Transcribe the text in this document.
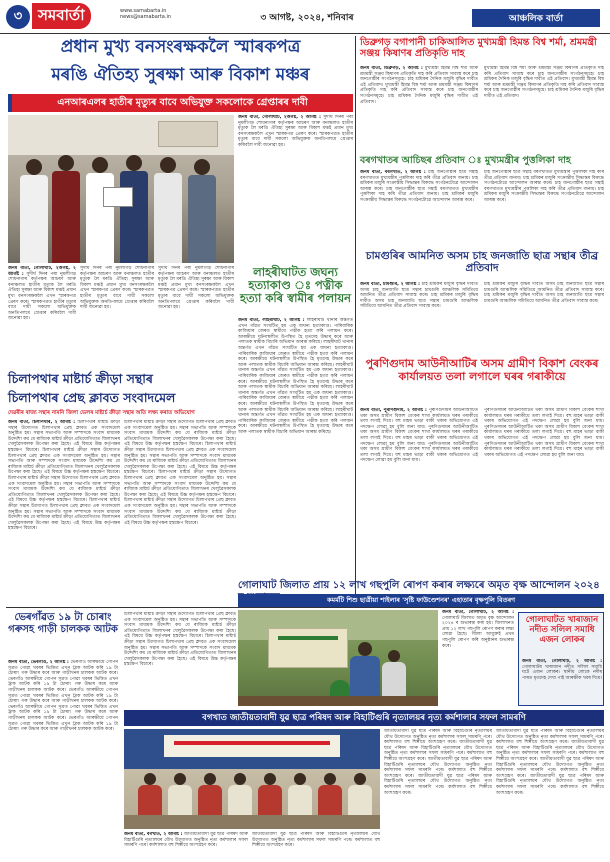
৩	সমবাৰ্তা	www.samabarta.in
news@samabarta.in	৩ আগষ্ট, ২০২৪, শনিবাৰ	আঞ্চলিক বাৰ্তা
প্ৰধান মুখ্য বনসংৰক্ষকলৈ স্মাৰকপত্ৰ
মৰঙি ঐতিহ্য সুৰক্ষা আৰু বিকাশ মঞ্চৰ
এনআৰএলৰ হাতীৰ মৃত্যুৰ বাবে অভিযুক্ত সকলোকে গ্ৰেপ্তাৰৰ দাবী
জনম বাৰ্তা, গোলাঘাট, ২অগষ্ট, ২ আগষ্ট : সুদীৰ্ঘ দিনৰ পৰা নুমলীগড় শোধনাগাৰ কৰ্তৃপক্ষৰ আচৰণ আৰু বনাঞ্চলত হাতীৰ মৃত্যুক লৈ মৰঙি ঐতিহ্য সুৰক্ষা আৰু বিকাশ মঞ্চই প্ৰধান মুখ্য বনসংৰক্ষকলৈ এখন স্মাৰকপত্ৰ প্ৰেৰণ কৰে। স্মাৰকপত্ৰত হাতীৰ মৃত্যুৰ বাবে দায়ী সকলো অভিযুক্তক অনতিপলমে গ্ৰেপ্তাৰ কৰিবলৈ দাবী জনোৱা হয়।
জনম বাৰ্তা, গোলাঘাট, ২অগষ্ট, ২ আগষ্ট : সুদীৰ্ঘ দিনৰ পৰা নুমলীগড় শোধনাগাৰ কৰ্তৃপক্ষৰ আচৰণ আৰু বনাঞ্চলত হাতীৰ মৃত্যুক লৈ মৰঙি ঐতিহ্য সুৰক্ষা আৰু বিকাশ মঞ্চই প্ৰধান মুখ্য বনসংৰক্ষকলৈ এখন স্মাৰকপত্ৰ প্ৰেৰণ কৰে। স্মাৰকপত্ৰত হাতীৰ মৃত্যুৰ বাবে দায়ী সকলো অভিযুক্তক অনতিপলমে গ্ৰেপ্তাৰ কৰিবলৈ দাবী জনোৱা হয়।
সুদীৰ্ঘ দিনৰ পৰা নুমলীগড় শোধনাগাৰ কৰ্তৃপক্ষৰ আচৰণ আৰু বনাঞ্চলত হাতীৰ মৃত্যুক লৈ মৰঙি ঐতিহ্য সুৰক্ষা আৰু বিকাশ মঞ্চই প্ৰধান মুখ্য বনসংৰক্ষকলৈ এখন স্মাৰকপত্ৰ প্ৰেৰণ কৰে। স্মাৰকপত্ৰত হাতীৰ মৃত্যুৰ বাবে দায়ী সকলো অভিযুক্তক অনতিপলমে গ্ৰেপ্তাৰ কৰিবলৈ দাবী জনোৱা হয়।
সুদীৰ্ঘ দিনৰ পৰা নুমলীগড় শোধনাগাৰ কৰ্তৃপক্ষৰ আচৰণ আৰু বনাঞ্চলত হাতীৰ মৃত্যুক লৈ মৰঙি ঐতিহ্য সুৰক্ষা আৰু বিকাশ মঞ্চই প্ৰধান মুখ্য বনসংৰক্ষকলৈ এখন স্মাৰকপত্ৰ প্ৰেৰণ কৰে। স্মাৰকপত্ৰত হাতীৰ মৃত্যুৰ বাবে দায়ী সকলো অভিযুক্তক অনতিপলমে গ্ৰেপ্তাৰ কৰিবলৈ দাবী জনোৱা হয়।
লাহৰীঘাটত জঘন্য হত্যাকাণ্ড ঃ পত্নীক হত্যা কৰি স্বামীৰ পলায়ন
জনম বাৰ্তা, লাহৰীঘাট, ২ আগষ্ট : লাহৰীঘাট থানাৰ অন্তৰ্গত এখন গাঁৱত সংঘটিত হয় এক জঘন্য হত্যাকাণ্ড। পাৰিবাৰিক কাজিয়াৰ জেৰত স্বামীয়ে পত্নীক হত্যা কৰি পলায়ন কৰে। আৰক্ষীয়ে ঘটনাস্থলীত উপস্থিত হৈ মৃতদেহ উদ্ধাৰ কৰে আৰু পলাতক স্বামীক বিচাৰি অভিযান আৰম্ভ কৰিছে। লাহৰীঘাট থানাৰ অন্তৰ্গত এখন গাঁৱত সংঘটিত হয় এক জঘন্য হত্যাকাণ্ড। পাৰিবাৰিক কাজিয়াৰ জেৰত স্বামীয়ে পত্নীক হত্যা কৰি পলায়ন কৰে। আৰক্ষীয়ে ঘটনাস্থলীত উপস্থিত হৈ মৃতদেহ উদ্ধাৰ কৰে আৰু পলাতক স্বামীক বিচাৰি অভিযান আৰম্ভ কৰিছে। লাহৰীঘাট থানাৰ অন্তৰ্গত এখন গাঁৱত সংঘটিত হয় এক জঘন্য হত্যাকাণ্ড। পাৰিবাৰিক কাজিয়াৰ জেৰত স্বামীয়ে পত্নীক হত্যা কৰি পলায়ন কৰে। আৰক্ষীয়ে ঘটনাস্থলীত উপস্থিত হৈ মৃতদেহ উদ্ধাৰ কৰে আৰু পলাতক স্বামীক বিচাৰি অভিযান আৰম্ভ কৰিছে। লাহৰীঘাট থানাৰ অন্তৰ্গত এখন গাঁৱত সংঘটিত হয় এক জঘন্য হত্যাকাণ্ড। পাৰিবাৰিক কাজিয়াৰ জেৰত স্বামীয়ে পত্নীক হত্যা কৰি পলায়ন কৰে। আৰক্ষীয়ে ঘটনাস্থলীত উপস্থিত হৈ মৃতদেহ উদ্ধাৰ কৰে আৰু পলাতক স্বামীক বিচাৰি অভিযান আৰম্ভ কৰিছে। লাহৰীঘাট থানাৰ অন্তৰ্গত এখন গাঁৱত সংঘটিত হয় এক জঘন্য হত্যাকাণ্ড। পাৰিবাৰিক কাজিয়াৰ জেৰত স্বামীয়ে পত্নীক হত্যা কৰি পলায়ন কৰে। আৰক্ষীয়ে ঘটনাস্থলীত উপস্থিত হৈ মৃতদেহ উদ্ধাৰ কৰে আৰু পলাতক স্বামীক বিচাৰি অভিযান আৰম্ভ কৰিছে।
চিলাপথাৰ মাষ্টাৰ্চ ক্ৰীড়া সন্থাৰ
চিলাপথাৰ প্ৰেছ ক্লাবত সংবাদমেল
দেৱৰীৰ ৰাজ্য সন্থাৰ নামনি জিলা ভেলৰ মাষ্টাৰ্চ ক্ৰীড়া সন্থাৰ অতি লক্ষ্য কৰাত অভিযোগ
জনম বাৰ্তা, চিলাপথাৰ, ২ আগষ্ট : চিলাপথাৰ মাষ্টাৰ্চ ক্ৰীড়া সন্থাৰ উদ্যোগত চিলাপথাৰ প্ৰেছ ক্লাবত এক সংবাদমেল অনুষ্ঠিত হয়। সন্থাৰ সভাপতি আৰু সম্পাদকে সংবাদ মাধ্যমক উদ্দেশ্যি কয় যে ৰাজ্যিক মাষ্টাৰ্চ ক্ৰীড়া প্ৰতিযোগিতাত জিলাখনৰ খেলুৱৈসকলক উপেক্ষা কৰা হৈছে। এই বিষয়ে উচ্চ কৰ্তৃপক্ষৰ হস্তক্ষেপ বিচাৰে। চিলাপথাৰ মাষ্টাৰ্চ ক্ৰীড়া সন্থাৰ উদ্যোগত চিলাপথাৰ প্ৰেছ ক্লাবত এক সংবাদমেল অনুষ্ঠিত হয়। সন্থাৰ সভাপতি আৰু সম্পাদকে সংবাদ মাধ্যমক উদ্দেশ্যি কয় যে ৰাজ্যিক মাষ্টাৰ্চ ক্ৰীড়া প্ৰতিযোগিতাত জিলাখনৰ খেলুৱৈসকলক উপেক্ষা কৰা হৈছে। এই বিষয়ে উচ্চ কৰ্তৃপক্ষৰ হস্তক্ষেপ বিচাৰে। চিলাপথাৰ মাষ্টাৰ্চ ক্ৰীড়া সন্থাৰ উদ্যোগত চিলাপথাৰ প্ৰেছ ক্লাবত এক সংবাদমেল অনুষ্ঠিত হয়। সন্থাৰ সভাপতি আৰু সম্পাদকে সংবাদ মাধ্যমক উদ্দেশ্যি কয় যে ৰাজ্যিক মাষ্টাৰ্চ ক্ৰীড়া প্ৰতিযোগিতাত জিলাখনৰ খেলুৱৈসকলক উপেক্ষা কৰা হৈছে। এই বিষয়ে উচ্চ কৰ্তৃপক্ষৰ হস্তক্ষেপ বিচাৰে। চিলাপথাৰ মাষ্টাৰ্চ ক্ৰীড়া সন্থাৰ উদ্যোগত চিলাপথাৰ প্ৰেছ ক্লাবত এক সংবাদমেল অনুষ্ঠিত হয়। সন্থাৰ সভাপতি আৰু সম্পাদকে সংবাদ মাধ্যমক উদ্দেশ্যি কয় যে ৰাজ্যিক মাষ্টাৰ্চ ক্ৰীড়া প্ৰতিযোগিতাত জিলাখনৰ খেলুৱৈসকলক উপেক্ষা কৰা হৈছে। এই বিষয়ে উচ্চ কৰ্তৃপক্ষৰ হস্তক্ষেপ বিচাৰে।
চিলাপথাৰ মাষ্টাৰ্চ ক্ৰীড়া সন্থাৰ উদ্যোগত চিলাপথাৰ প্ৰেছ ক্লাবত এক সংবাদমেল অনুষ্ঠিত হয়। সন্থাৰ সভাপতি আৰু সম্পাদকে সংবাদ মাধ্যমক উদ্দেশ্যি কয় যে ৰাজ্যিক মাষ্টাৰ্চ ক্ৰীড়া প্ৰতিযোগিতাত জিলাখনৰ খেলুৱৈসকলক উপেক্ষা কৰা হৈছে। এই বিষয়ে উচ্চ কৰ্তৃপক্ষৰ হস্তক্ষেপ বিচাৰে। চিলাপথাৰ মাষ্টাৰ্চ ক্ৰীড়া সন্থাৰ উদ্যোগত চিলাপথাৰ প্ৰেছ ক্লাবত এক সংবাদমেল অনুষ্ঠিত হয়। সন্থাৰ সভাপতি আৰু সম্পাদকে সংবাদ মাধ্যমক উদ্দেশ্যি কয় যে ৰাজ্যিক মাষ্টাৰ্চ ক্ৰীড়া প্ৰতিযোগিতাত জিলাখনৰ খেলুৱৈসকলক উপেক্ষা কৰা হৈছে। এই বিষয়ে উচ্চ কৰ্তৃপক্ষৰ হস্তক্ষেপ বিচাৰে। চিলাপথাৰ মাষ্টাৰ্চ ক্ৰীড়া সন্থাৰ উদ্যোগত চিলাপথাৰ প্ৰেছ ক্লাবত এক সংবাদমেল অনুষ্ঠিত হয়। সন্থাৰ সভাপতি আৰু সম্পাদকে সংবাদ মাধ্যমক উদ্দেশ্যি কয় যে ৰাজ্যিক মাষ্টাৰ্চ ক্ৰীড়া প্ৰতিযোগিতাত জিলাখনৰ খেলুৱৈসকলক উপেক্ষা কৰা হৈছে। এই বিষয়ে উচ্চ কৰ্তৃপক্ষৰ হস্তক্ষেপ বিচাৰে। চিলাপথাৰ মাষ্টাৰ্চ ক্ৰীড়া সন্থাৰ উদ্যোগত চিলাপথাৰ প্ৰেছ ক্লাবত এক সংবাদমেল অনুষ্ঠিত হয়। সন্থাৰ সভাপতি আৰু সম্পাদকে সংবাদ মাধ্যমক উদ্দেশ্যি কয় যে ৰাজ্যিক মাষ্টাৰ্চ ক্ৰীড়া প্ৰতিযোগিতাত জিলাখনৰ খেলুৱৈসকলক উপেক্ষা কৰা হৈছে। এই বিষয়ে উচ্চ কৰ্তৃপক্ষৰ হস্তক্ষেপ বিচাৰে।
গোলাঘাট জিলাত প্ৰায় ১২ লাখ গছপুলি ৰোপণ কৰাৰ লক্ষ্যৰে অমৃত বৃক্ষ আন্দোলন ২০২৪
ডিব্ৰুগড় বগাপানী চাকিআলিত মুখ্যমন্ত্ৰী হিমন্ত বিশ্ব শৰ্মা, শ্ৰমমন্ত্ৰী সঞ্জয় কিষাণৰ প্ৰতিকৃতি দাহ
জনম বাৰ্তা, ডিব্ৰুগড়, ২ আগষ্ট : মুখ্যমন্ত্ৰী হিমন্ত বিশ্ব শৰ্মা আৰু শ্ৰমমন্ত্ৰী সঞ্জয় কিষাণৰ প্ৰতিকৃতি দাহ কৰি প্ৰতিবাদ সাব্যস্ত কৰে চাহ জনগোষ্ঠীৰ সংগঠনসমূহে। চাহ শ্ৰমিকৰ দৈনিক মজুৰি বৃদ্ধিৰ দাবীত এই প্ৰতিবাদ। মুখ্যমন্ত্ৰী হিমন্ত বিশ্ব শৰ্মা আৰু শ্ৰমমন্ত্ৰী সঞ্জয় কিষাণৰ প্ৰতিকৃতি দাহ কৰি প্ৰতিবাদ সাব্যস্ত কৰে চাহ জনগোষ্ঠীৰ সংগঠনসমূহে। চাহ শ্ৰমিকৰ দৈনিক মজুৰি বৃদ্ধিৰ দাবীত এই প্ৰতিবাদ।
মুখ্যমন্ত্ৰী হিমন্ত বিশ্ব শৰ্মা আৰু শ্ৰমমন্ত্ৰী সঞ্জয় কিষাণৰ প্ৰতিকৃতি দাহ কৰি প্ৰতিবাদ সাব্যস্ত কৰে চাহ জনগোষ্ঠীৰ সংগঠনসমূহে। চাহ শ্ৰমিকৰ দৈনিক মজুৰি বৃদ্ধিৰ দাবীত এই প্ৰতিবাদ। মুখ্যমন্ত্ৰী হিমন্ত বিশ্ব শৰ্মা আৰু শ্ৰমমন্ত্ৰী সঞ্জয় কিষাণৰ প্ৰতিকৃতি দাহ কৰি প্ৰতিবাদ সাব্যস্ত কৰে চাহ জনগোষ্ঠীৰ সংগঠনসমূহে। চাহ শ্ৰমিকৰ দৈনিক মজুৰি বৃদ্ধিৰ দাবীত এই প্ৰতিবাদ।
বৰগখাতৰ আচিছৰ প্ৰতিবাদ ঃ মুখ্যমন্ত্ৰীৰ পুত্তলিকা দাহ
জনম বাৰ্তা, বৰগখাত, ২ আগষ্ট : চাহ জনগোষ্ঠীৰ ছাত্ৰ সন্থাই বৰগখাতত মুখ্যমন্ত্ৰীৰ পুত্তলিকা দাহ কৰি তীব্ৰ প্ৰতিবাদ জনায়। চাহ শ্ৰমিকৰ মজুৰি সংক্ৰান্তীয় সিদ্ধান্তৰ বিৰুদ্ধে সংগঠনটোৱে আন্দোলন আৰম্ভ কৰে। চাহ জনগোষ্ঠীৰ ছাত্ৰ সন্থাই বৰগখাতত মুখ্যমন্ত্ৰীৰ পুত্তলিকা দাহ কৰি তীব্ৰ প্ৰতিবাদ জনায়। চাহ শ্ৰমিকৰ মজুৰি সংক্ৰান্তীয় সিদ্ধান্তৰ বিৰুদ্ধে সংগঠনটোৱে আন্দোলন আৰম্ভ কৰে।
চাহ জনগোষ্ঠীৰ ছাত্ৰ সন্থাই বৰগখাতত মুখ্যমন্ত্ৰীৰ পুত্তলিকা দাহ কৰি তীব্ৰ প্ৰতিবাদ জনায়। চাহ শ্ৰমিকৰ মজুৰি সংক্ৰান্তীয় সিদ্ধান্তৰ বিৰুদ্ধে সংগঠনটোৱে আন্দোলন আৰম্ভ কৰে। চাহ জনগোষ্ঠীৰ ছাত্ৰ সন্থাই বৰগখাতত মুখ্যমন্ত্ৰীৰ পুত্তলিকা দাহ কৰি তীব্ৰ প্ৰতিবাদ জনায়। চাহ শ্ৰমিকৰ মজুৰি সংক্ৰান্তীয় সিদ্ধান্তৰ বিৰুদ্ধে সংগঠনটোৱে আন্দোলন আৰম্ভ কৰে।
চামগুৰিৰ আমনিত অসম চাহ জনজাতি ছাত্ৰ সন্থাৰ তীব্ৰ প্ৰতিবাদ
জনম বাৰ্তা, চামগুৰি, ২ আগষ্ট : চাহ শ্ৰমিকৰ মজুৰি বৃদ্ধিৰ দাবীত অসম চাহ জনজাতি ছাত্ৰ সন্থাৰ চামগুৰি আঞ্চলিক সমিতিয়ে আমনিত তীব্ৰ প্ৰতিবাদ সাব্যস্ত কৰে। চাহ শ্ৰমিকৰ মজুৰি বৃদ্ধিৰ দাবীত অসম চাহ জনজাতি ছাত্ৰ সন্থাৰ চামগুৰি আঞ্চলিক সমিতিয়ে আমনিত তীব্ৰ প্ৰতিবাদ সাব্যস্ত কৰে।
চাহ শ্ৰমিকৰ মজুৰি বৃদ্ধিৰ দাবীত অসম চাহ জনজাতি ছাত্ৰ সন্থাৰ চামগুৰি আঞ্চলিক সমিতিয়ে আমনিত তীব্ৰ প্ৰতিবাদ সাব্যস্ত কৰে। চাহ শ্ৰমিকৰ মজুৰি বৃদ্ধিৰ দাবীত অসম চাহ জনজাতি ছাত্ৰ সন্থাৰ চামগুৰি আঞ্চলিক সমিতিয়ে আমনিত তীব্ৰ প্ৰতিবাদ সাব্যস্ত কৰে।
পুৰণিগুদাম আউনীআটিৰ অসম গ্ৰামীণ বিকাশ বেংকৰ কাৰ্যালয়ত তলা লগালে ঘৰৰ গৰাকীয়ে
জনম বাৰ্তা, পুৰণিগুদাম, ২ আগষ্ট : পুৰণিগুদামৰ আউনীআটিত থকা অসম গ্ৰামীণ বিকাশ বেংকৰ শাখা কাৰ্যালয়ত ঘৰৰ গৰাকীয়ে তলা লগাই দিয়ে। বহু মাহৰ ভাড়া বাকী থকাৰ অভিযোগত এই পদক্ষেপ লোৱা হয় বুলি জনা যায়। পুৰণিগুদামৰ আউনীআটিত থকা অসম গ্ৰামীণ বিকাশ বেংকৰ শাখা কাৰ্যালয়ত ঘৰৰ গৰাকীয়ে তলা লগাই দিয়ে। বহু মাহৰ ভাড়া বাকী থকাৰ অভিযোগত এই পদক্ষেপ লোৱা হয় বুলি জনা যায়। পুৰণিগুদামৰ আউনীআটিত থকা অসম গ্ৰামীণ বিকাশ বেংকৰ শাখা কাৰ্যালয়ত ঘৰৰ গৰাকীয়ে তলা লগাই দিয়ে। বহু মাহৰ ভাড়া বাকী থকাৰ অভিযোগত এই পদক্ষেপ লোৱা হয় বুলি জনা যায়।
পুৰণিগুদামৰ আউনীআটিত থকা অসম গ্ৰামীণ বিকাশ বেংকৰ শাখা কাৰ্যালয়ত ঘৰৰ গৰাকীয়ে তলা লগাই দিয়ে। বহু মাহৰ ভাড়া বাকী থকাৰ অভিযোগত এই পদক্ষেপ লোৱা হয় বুলি জনা যায়। পুৰণিগুদামৰ আউনীআটিত থকা অসম গ্ৰামীণ বিকাশ বেংকৰ শাখা কাৰ্যালয়ত ঘৰৰ গৰাকীয়ে তলা লগাই দিয়ে। বহু মাহৰ ভাড়া বাকী থকাৰ অভিযোগত এই পদক্ষেপ লোৱা হয় বুলি জনা যায়। পুৰণিগুদামৰ আউনীআটিত থকা অসম গ্ৰামীণ বিকাশ বেংকৰ শাখা কাৰ্যালয়ত ঘৰৰ গৰাকীয়ে তলা লগাই দিয়ে। বহু মাহৰ ভাড়া বাকী থকাৰ অভিযোগত এই পদক্ষেপ লোৱা হয় বুলি জনা যায়।
কমৰ্মটি শিশু ছাত্ৰীয়া শাইলাৰ 'সৃষ্টি ফাউণ্ডেশনৰ' এহাতাৰ বৃক্ষপুলি বিতৰণ
জনম বাৰ্তা, গোলাঘাট, ২ আগষ্ট : গোলাঘাট জিলাত অমৃত বৃক্ষ আন্দোলন ২০২৪ ৰ শুভাৰম্ভ কৰা হয়। জিলাখনত প্ৰায় ১২ লাখ গছপুলি ৰোপণ কৰাৰ লক্ষ্য লোৱা হৈছে। জিলা আয়ুক্তই প্ৰথম গছপুলি ৰোপণ কৰি অনুষ্ঠানৰ শুভাৰম্ভ কৰে।
গোলাঘাটত খাৰাজান নদীত সলিল সমাধি এজন লোকৰ
জনম বাৰ্তা, গোলাঘাট, ২ আগষ্ট : গোলাঘাটৰ খাৰাজান নদীত সলিল সমাধি ঘটে এজন লোকৰ। স্থানীয় লোকে নদীৰ পাৰত মৃতদেহ দেখা পাই আৰক্ষীক খবৰ দিয়ে।
ভেৰগাঁৱত ১৯ টা চোৰাং গৰুসহ গাড়ী চালকক আটক
জনম বাৰ্তা, ভেৰগাঁও, ২ আগষ্ট : ভেৰগাঁও আৰক্ষীয়ে গোপন সূত্ৰত পোৱা খবৰৰ ভিত্তিত এখন ট্ৰাক আটক কৰি ১৯ টা চোৰাং গৰু উদ্ধাৰ কৰে আৰু গাড়ীখনৰ চালকক আটক কৰে। ভেৰগাঁও আৰক্ষীয়ে গোপন সূত্ৰত পোৱা খবৰৰ ভিত্তিত এখন ট্ৰাক আটক কৰি ১৯ টা চোৰাং গৰু উদ্ধাৰ কৰে আৰু গাড়ীখনৰ চালকক আটক কৰে। ভেৰগাঁও আৰক্ষীয়ে গোপন সূত্ৰত পোৱা খবৰৰ ভিত্তিত এখন ট্ৰাক আটক কৰি ১৯ টা চোৰাং গৰু উদ্ধাৰ কৰে আৰু গাড়ীখনৰ চালকক আটক কৰে। ভেৰগাঁও আৰক্ষীয়ে গোপন সূত্ৰত পোৱা খবৰৰ ভিত্তিত এখন ট্ৰাক আটক কৰি ১৯ টা চোৰাং গৰু উদ্ধাৰ কৰে আৰু গাড়ীখনৰ চালকক আটক কৰে। ভেৰগাঁও আৰক্ষীয়ে গোপন সূত্ৰত পোৱা খবৰৰ ভিত্তিত এখন ট্ৰাক আটক কৰি ১৯ টা চোৰাং গৰু উদ্ধাৰ কৰে আৰু গাড়ীখনৰ চালকক আটক কৰে।
চিলাপথাৰ মাষ্টাৰ্চ ক্ৰীড়া সন্থাৰ উদ্যোগত চিলাপথাৰ প্ৰেছ ক্লাবত এক সংবাদমেল অনুষ্ঠিত হয়। সন্থাৰ সভাপতি আৰু সম্পাদকে সংবাদ মাধ্যমক উদ্দেশ্যি কয় যে ৰাজ্যিক মাষ্টাৰ্চ ক্ৰীড়া প্ৰতিযোগিতাত জিলাখনৰ খেলুৱৈসকলক উপেক্ষা কৰা হৈছে। এই বিষয়ে উচ্চ কৰ্তৃপক্ষৰ হস্তক্ষেপ বিচাৰে। চিলাপথাৰ মাষ্টাৰ্চ ক্ৰীড়া সন্থাৰ উদ্যোগত চিলাপথাৰ প্ৰেছ ক্লাবত এক সংবাদমেল অনুষ্ঠিত হয়। সন্থাৰ সভাপতি আৰু সম্পাদকে সংবাদ মাধ্যমক উদ্দেশ্যি কয় যে ৰাজ্যিক মাষ্টাৰ্চ ক্ৰীড়া প্ৰতিযোগিতাত জিলাখনৰ খেলুৱৈসকলক উপেক্ষা কৰা হৈছে। এই বিষয়ে উচ্চ কৰ্তৃপক্ষৰ হস্তক্ষেপ বিচাৰে।
বগখাত জাতীয়তাবাদী যুৱ ছাত্ৰ পৰিষদ আৰু বিহাটিগুৰি নৃত্যালয়ৰ নৃত্য কৰ্মশালাৰ সফল সামৰণি
জনম বাৰ্তা, বগখাত, ২ আগষ্ট : জাতীয়তাবাদী যুৱ ছাত্ৰ পৰিষদ আৰু বিহাটিগুৰি নৃত্যালয়ৰ যৌথ উদ্যোগত অনুষ্ঠিত নৃত্য কৰ্মশালাৰ সফল সামৰণি পৰে। কৰ্মশালাত বহু শিল্পীয়ে অংশগ্ৰহণ কৰে।
জাতীয়তাবাদী যুৱ ছাত্ৰ পৰিষদ আৰু বিহাটিগুৰি নৃত্যালয়ৰ যৌথ উদ্যোগত অনুষ্ঠিত নৃত্য কৰ্মশালাৰ সফল সামৰণি পৰে। কৰ্মশালাত বহু শিল্পীয়ে অংশগ্ৰহণ কৰে।
জাতীয়তাবাদী যুৱ ছাত্ৰ পৰিষদ আৰু বিহাটিগুৰি নৃত্যালয়ৰ যৌথ উদ্যোগত অনুষ্ঠিত নৃত্য কৰ্মশালাৰ সফল সামৰণি পৰে। কৰ্মশালাত বহু শিল্পীয়ে অংশগ্ৰহণ কৰে। জাতীয়তাবাদী যুৱ ছাত্ৰ পৰিষদ আৰু বিহাটিগুৰি নৃত্যালয়ৰ যৌথ উদ্যোগত অনুষ্ঠিত নৃত্য কৰ্মশালাৰ সফল সামৰণি পৰে। কৰ্মশালাত বহু শিল্পীয়ে অংশগ্ৰহণ কৰে। জাতীয়তাবাদী যুৱ ছাত্ৰ পৰিষদ আৰু বিহাটিগুৰি নৃত্যালয়ৰ যৌথ উদ্যোগত অনুষ্ঠিত নৃত্য কৰ্মশালাৰ সফল সামৰণি পৰে। কৰ্মশালাত বহু শিল্পীয়ে অংশগ্ৰহণ কৰে। জাতীয়তাবাদী যুৱ ছাত্ৰ পৰিষদ আৰু বিহাটিগুৰি নৃত্যালয়ৰ যৌথ উদ্যোগত অনুষ্ঠিত নৃত্য কৰ্মশালাৰ সফল সামৰণি পৰে। কৰ্মশালাত বহু শিল্পীয়ে অংশগ্ৰহণ কৰে।
জাতীয়তাবাদী যুৱ ছাত্ৰ পৰিষদ আৰু বিহাটিগুৰি নৃত্যালয়ৰ যৌথ উদ্যোগত অনুষ্ঠিত নৃত্য কৰ্মশালাৰ সফল সামৰণি পৰে। কৰ্মশালাত বহু শিল্পীয়ে অংশগ্ৰহণ কৰে। জাতীয়তাবাদী যুৱ ছাত্ৰ পৰিষদ আৰু বিহাটিগুৰি নৃত্যালয়ৰ যৌথ উদ্যোগত অনুষ্ঠিত নৃত্য কৰ্মশালাৰ সফল সামৰণি পৰে। কৰ্মশালাত বহু শিল্পীয়ে অংশগ্ৰহণ কৰে। জাতীয়তাবাদী যুৱ ছাত্ৰ পৰিষদ আৰু বিহাটিগুৰি নৃত্যালয়ৰ যৌথ উদ্যোগত অনুষ্ঠিত নৃত্য কৰ্মশালাৰ সফল সামৰণি পৰে। কৰ্মশালাত বহু শিল্পীয়ে অংশগ্ৰহণ কৰে। জাতীয়তাবাদী যুৱ ছাত্ৰ পৰিষদ আৰু বিহাটিগুৰি নৃত্যালয়ৰ যৌথ উদ্যোগত অনুষ্ঠিত নৃত্য কৰ্মশালাৰ সফল সামৰণি পৰে। কৰ্মশালাত বহু শিল্পীয়ে অংশগ্ৰহণ কৰে।
